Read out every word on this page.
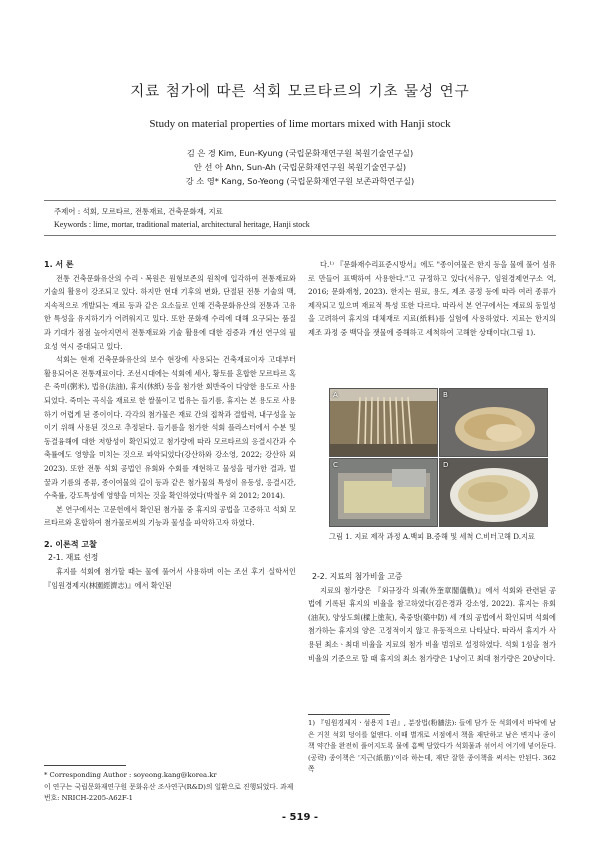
지료 첨가에 따른 석회 모르타르의 기초 물성 연구
Study on material properties of lime mortars mixed with Hanji stock
김 은 경 Kim, Eun-Kyung (국립문화재연구원 복원기술연구실)
안 선 아 Ahn, Sun-Ah (국립문화재연구원 복원기술연구실)
강 소 영* Kang, So-Yeong (국립문화재연구원 보존과학연구실)
주제어 : 석회, 모르타르, 전통재료, 건축문화재, 지료
Keywords : lime, mortar, traditional material, architectural heritage, Hanji stock
1. 서 론

전통 건축문화유산의 수리ㆍ복원은 원형보존의 원칙에 입각하여 전통재료와 기술의 활용이 강조되고 있다. 하지만 현대 기후의 변화, 단절된 전통 기술의 맥, 지속적으로 개발되는 재료 등과 같은 요소들로 인해 건축문화유산의 전통과 고유한 특성을 유지하기가 어려워지고 있다. 또한 문화재 수리에 대해 요구되는 품질과 기대가 점점 높아지면서 전통재료와 기술 활용에 대한 검증과 개선 연구의 필요성 역시 증대되고 있다.

석회는 현재 건축문화유산의 보수 현장에 사용되는 건축재료이자 고대부터 활용되어온 전통재료이다. 조선시대에는 석회에 세사, 황토를 혼합한 모르타르 혹은 죽미(粥米), 법유(法油), 휴지(休紙) 등을 첨가한 회반죽이 다양한 용도로 사용되었다. 죽미는 곡식을 재료로 한 쌀풀이고 법유는 들기름, 휴지는 본 용도로 사용하기 어렵게 된 종이이다. 각각의 첨가물은 재료 간의 접착과 결합력, 내구성을 높이기 위해 사용된 것으로 추정된다. 들기름을 첨가한 석회 플라스터에서 수분 및 동결융해에 대한 저항성이 확인되었고 첨가량에 따라 모르타르의 응결시간과 수축률에도 영향을 미치는 것으로 파악되었다(강산하와 강소영, 2022; 강산하 외 2023). 또한 전통 석회 공법인 유회와 수회를 재현하고 물성을 평가한 결과, 벌꿀과 기름의 종류, 종이여물의 길이 등과 같은 첨가물의 특성이 유동성, 응결시간, 수축률, 강도특성에 영향을 미치는 것을 확인하였다(박철우 외 2012; 2014).

본 연구에서는 고문헌에서 확인된 첨가물 중 휴지의 공법을 고증하고 석회 모르타르와 혼합하여 첨가물로써의 기능과 물성을 파악하고자 하였다.

2. 이론적 고찰
2-1. 재료 선정

휴지를 석회에 첨가할 때는 물에 풀어서 사용하며 이는 조선 후기 실학서인 『임원경제지(林園經濟志)』에서 확인된

다.¹⁾ 『문화재수리표준시방서』에도 "종이여물은 한지 등을 물에 풀어 섬유로 만들어 표백하여 사용한다."고 규정하고 있다(서유구, 임원경제연구소 역, 2016; 문화재청, 2023). 한지는 원료, 용도, 제조 공정 등에 따라 여러 종류가 제작되고 있으며 재료적 특성 또한 다르다. 따라서 본 연구에서는 재료의 동일성을 고려하여 휴지의 대체재로 지료(紙料)를 실험에 사용하였다. 지료는 한지의 제조 과정 중 백닥을 잿물에 증해하고 세척하여 고해한 상태이다(그림 1).

A	B
C	D
그림 1. 지료 제작 과정 A.백피 B.증해 및 세척 C.비터고해 D.지료
2-2. 지료의 첨가비율 고증

지료의 첨가량은 『외규장각 의궤(外奎章閣儀軌)』에서 석회와 관련된 공법에 기록된 휴지의 비율을 참고하였다(김은경과 강소영, 2022). 휴지는 유회(油灰), 양상도회(樑上塗灰), 축중방(築中防) 세 개의 공법에서 확인되며 석회에 첨가하는 휴지의 양은 고정적이지 않고 유동적으로 나타났다. 따라서 휴지가 사용된 최소ㆍ최대 비율을 지료의 첨가 비율 범위로 설정하였다. 석회 1섬을 첨가비율의 기준으로 할 때 휴지의 최소 첨가량은 1냥이고 최대 첨가량은 20냥이다.

1) 『임원경제지ㆍ섬용지 1권』, 분장법(粉牆法): 들에 담가 둔 석회에서 바닥에 남은 거친 석회 덩이를 없앤다. 이때 별개로 서점에서 책을 재단하고 남은 변지나 종이책 약간을 완전히 풀어지도록 물에 흠뻑 담았다가 석회물과 섞어서 여기에 넣어둔다. (공략) 종이책은 '지근(紙筋)'이라 하는데, 재단 잘한 종이책을 써서는 안된다. 362쪽
* Corresponding Author : soyeong.kang@korea.kr
이 연구는 국립문화재연구원 문화유산 조사연구(R&D)의 일환으로 진행되었다. 과제번호: NRICH-2205-A62F-1
- 519 -
